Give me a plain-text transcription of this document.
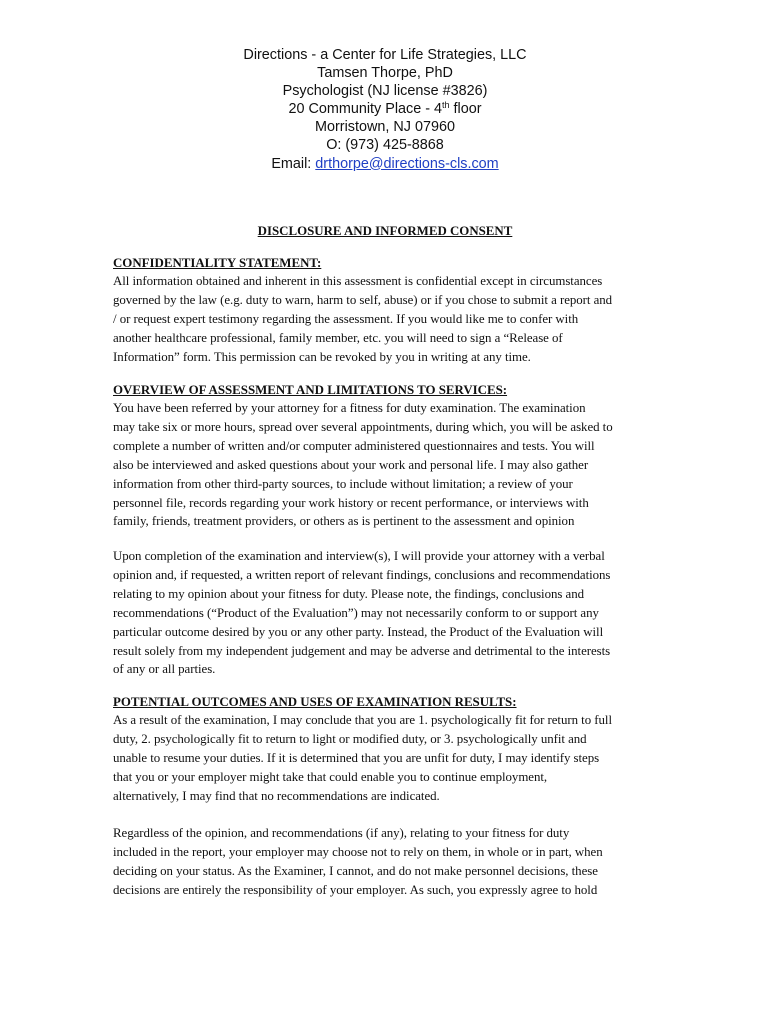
Directions - a Center for Life Strategies, LLC
Tamsen Thorpe, PhD
Psychologist (NJ license #3826)
20 Community Place - 4th floor
Morristown, NJ 07960
O: (973) 425-8868
Email: drthorpe@directions-cls.com
DISCLOSURE AND INFORMED CONSENT
CONFIDENTIALITY STATEMENT:
All information obtained and inherent in this assessment is confidential except in circumstances
governed by the law (e.g. duty to warn, harm to self, abuse) or if you chose to submit a report and
/ or request expert testimony regarding the assessment. If you would like me to confer with
another healthcare professional, family member, etc. you will need to sign a “Release of
Information” form. This permission can be revoked by you in writing at any time.
OVERVIEW OF ASSESSMENT AND LIMITATIONS TO SERVICES:
You have been referred by your attorney for a fitness for duty examination. The examination
may take six or more hours, spread over several appointments, during which, you will be asked to
complete a number of written and/or computer administered questionnaires and tests. You will
also be interviewed and asked questions about your work and personal life. I may also gather
information from other third-party sources, to include without limitation; a review of your
personnel file, records regarding your work history or recent performance, or interviews with
family, friends, treatment providers, or others as is pertinent to the assessment and opinion
Upon completion of the examination and interview(s), I will provide your attorney with a verbal
opinion and, if requested, a written report of relevant findings, conclusions and recommendations
relating to my opinion about your fitness for duty. Please note, the findings, conclusions and
recommendations (“Product of the Evaluation”) may not necessarily conform to or support any
particular outcome desired by you or any other party. Instead, the Product of the Evaluation will
result solely from my independent judgement and may be adverse and detrimental to the interests
of any or all parties.
POTENTIAL OUTCOMES AND USES OF EXAMINATION RESULTS:
As a result of the examination, I may conclude that you are 1. psychologically fit for return to full
duty, 2. psychologically fit to return to light or modified duty, or 3. psychologically unfit and
unable to resume your duties. If it is determined that you are unfit for duty, I may identify steps
that you or your employer might take that could enable you to continue employment,
alternatively, I may find that no recommendations are indicated.
Regardless of the opinion, and recommendations (if any), relating to your fitness for duty
included in the report, your employer may choose not to rely on them, in whole or in part, when
deciding on your status. As the Examiner, I cannot, and do not make personnel decisions, these
decisions are entirely the responsibility of your employer. As such, you expressly agree to hold
